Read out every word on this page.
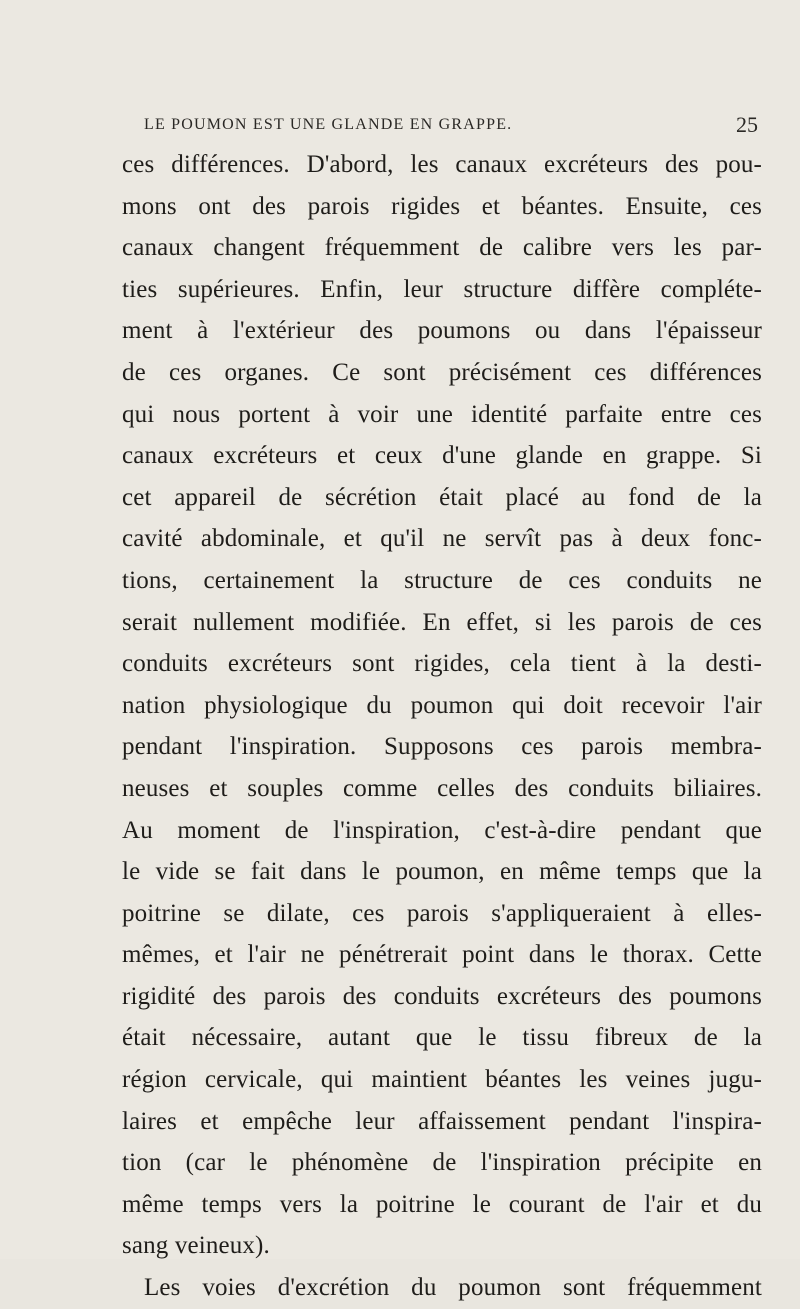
LE POUMON EST UNE GLANDE EN GRAPPE.	25
ces différences. D'abord, les canaux excréteurs des pou-
mons ont des parois rigides et béantes. Ensuite, ces
canaux changent fréquemment de calibre vers les par-
ties supérieures. Enfin, leur structure diffère compléte-
ment à l'extérieur des poumons ou dans l'épaisseur
de ces organes. Ce sont précisément ces différences
qui nous portent à voir une identité parfaite entre ces
canaux excréteurs et ceux d'une glande en grappe. Si
cet appareil de sécrétion était placé au fond de la
cavité abdominale, et qu'il ne servît pas à deux fonc-
tions, certainement la structure de ces conduits ne
serait nullement modifiée. En effet, si les parois de ces
conduits excréteurs sont rigides, cela tient à la desti-
nation physiologique du poumon qui doit recevoir l'air
pendant l'inspiration. Supposons ces parois membra-
neuses et souples comme celles des conduits biliaires.
Au moment de l'inspiration, c'est-à-dire pendant que
le vide se fait dans le poumon, en même temps que la
poitrine se dilate, ces parois s'appliqueraient à elles-
mêmes, et l'air ne pénétrerait point dans le thorax. Cette
rigidité des parois des conduits excréteurs des poumons
était nécessaire, autant que le tissu fibreux de la
région cervicale, qui maintient béantes les veines jugu-
laires et empêche leur affaissement pendant l'inspira-
tion (car le phénomène de l'inspiration précipite en
même temps vers la poitrine le courant de l'air et du
sang veineux).
Les voies d'excrétion du poumon sont fréquemment
